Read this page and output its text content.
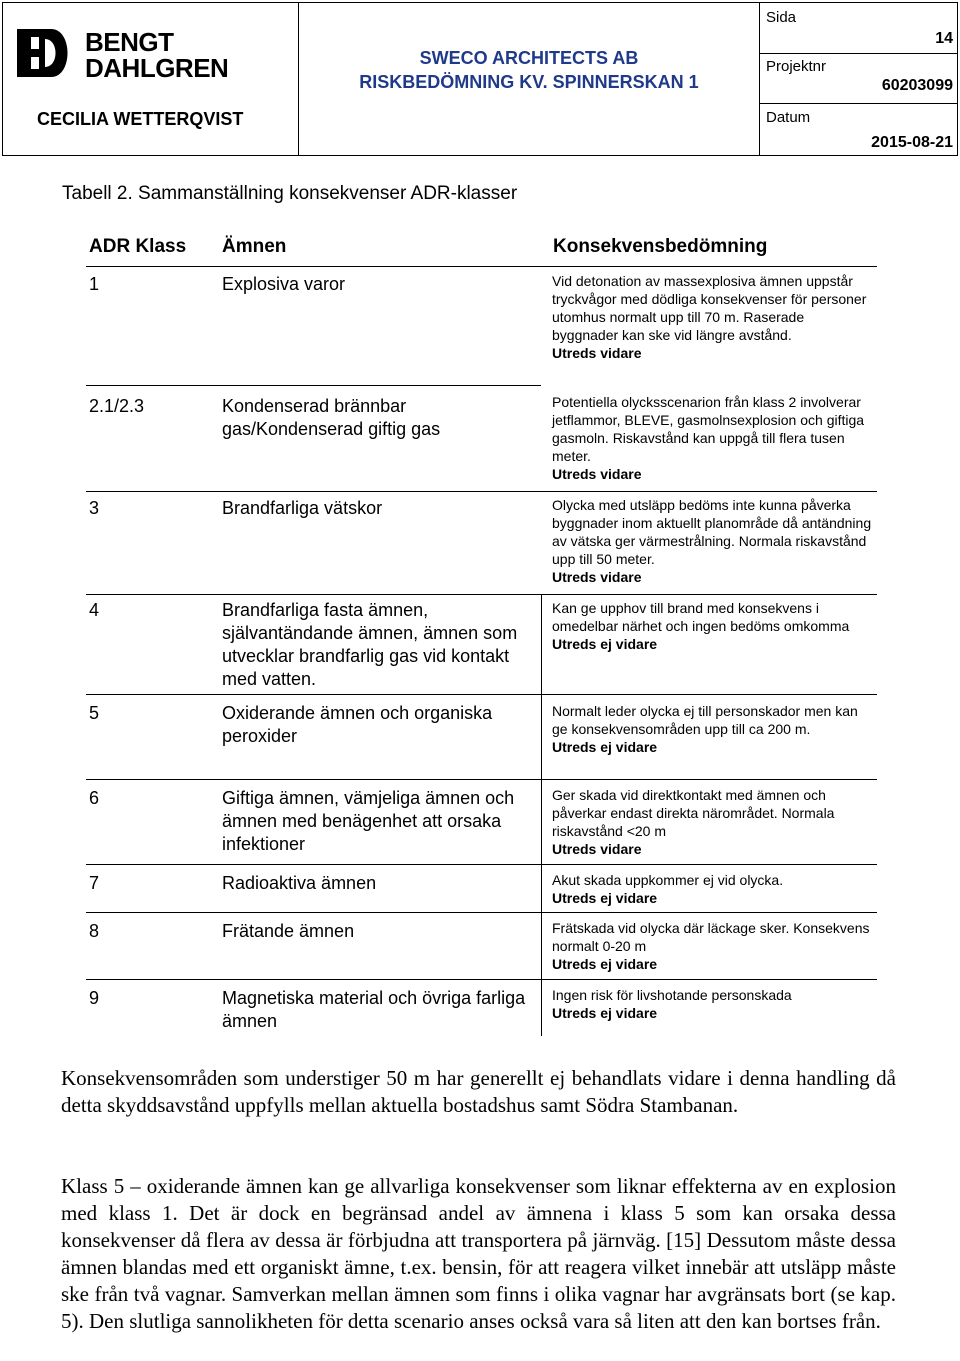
BENGT
DAHLGREN
CECILIA WETTERQVIST
SWECO ARCHITECTS AB
RISKBEDÖMNING KV. SPINNERSKAN 1
Sida
14
Projektnr
60203099
Datum
2015-08-21
Tabell 2. Sammanställning konsekvenser ADR-klasser
ADR Klass Ämnen	Konsekvensbedömning
1	Explosiva varor	Vid detonation av massexplosiva ämnen uppstår tryckvågor med dödliga konsekvenser för personer utomhus normalt upp till 70 m. Raserade byggnader kan ske vid längre avstånd.
Utreds vidare
2.1/2.3	Kondenserad brännbar gas/Kondenserad giftig gas
Potentiella olycksscenarion från klass 2 involverar jetflammor, BLEVE, gasmolnsexplosion och giftiga gasmoln. Riskavstånd kan uppgå till flera tusen meter.
Utreds vidare
3	Brandfarliga vätskor	Olycka med utsläpp bedöms inte kunna påverka byggnader inom aktuellt planområde då antändning av vätska ger värmestrålning. Normala riskavstånd upp till 50 meter.
Utreds vidare
4	Brandfarliga fasta ämnen, självantändande ämnen, ämnen som utvecklar brandfarlig gas vid kontakt med vatten.
Kan ge upphov till brand med konsekvens i omedelbar närhet och ingen bedöms omkomma
Utreds ej vidare
5	Oxiderande ämnen och organiska peroxider
Normalt leder olycka ej till personskador men kan ge konsekvensområden upp till ca 200 m.
Utreds ej vidare
6	Giftiga ämnen, vämjeliga ämnen och ämnen med benägenhet att orsaka infektioner
Ger skada vid direktkontakt med ämnen och påverkar endast direkta närområdet. Normala riskavstånd <20 m
Utreds vidare
7	Radioaktiva ämnen	Akut skada uppkommer ej vid olycka.
Utreds ej vidare
8	Frätande ämnen	Frätskada vid olycka där läckage sker. Konsekvens normalt 0-20 m
Utreds ej vidare
9	Magnetiska material och övriga farliga ämnen
Ingen risk för livshotande personskada
Utreds ej vidare
Konsekvensområden som understiger 50 m har generellt ej behandlats vidare i denna handling då detta skyddsavstånd uppfylls mellan aktuella bostadshus samt Södra Stambanan.
Klass 5 – oxiderande ämnen kan ge allvarliga konsekvenser som liknar effekterna av en explosion med klass 1. Det är dock en begränsad andel av ämnena i klass 5 som kan orsaka dessa konsekvenser då flera av dessa är förbjudna att transportera på järnväg. [15] Dessutom måste dessa ämnen blandas med ett organiskt ämne, t.ex. bensin, för att reagera vilket innebär att utsläpp måste ske från två vagnar. Samverkan mellan ämnen som finns i olika vagnar har avgränsats bort (se kap. 5). Den slutliga sannolikheten för detta scenario anses också vara så liten att den kan bortses från.
